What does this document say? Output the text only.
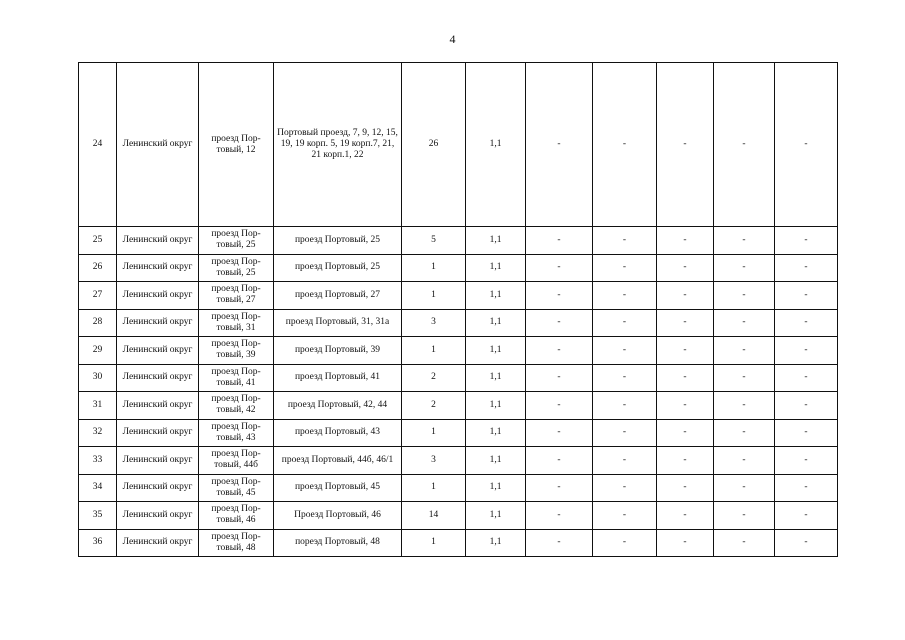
4
24	Ленинский округ	проезд Пор-товый, 12	Портовый проезд, 7, 9, 12, 15, 19, 19 корп. 5, 19 корп.7, 21, 21 корп.1, 22	26	1,1	-	-	-	-	-
25	Ленинский округ	проезд Пор-товый, 25	проезд Портовый, 25	5	1,1	-	-	-	-	-
26	Ленинский округ	проезд Пор-товый, 25	проезд Портовый, 25	1	1,1	-	-	-	-	-
27	Ленинский округ	проезд Пор-товый, 27	проезд Портовый, 27	1	1,1	-	-	-	-	-
28	Ленинский округ	проезд Пор-товый, 31	проезд Портовый, 31, 31а	3	1,1	-	-	-	-	-
29	Ленинский округ	проезд Пор-товый, 39	проезд Портовый, 39	1	1,1	-	-	-	-	-
30	Ленинский округ	проезд Пор-товый, 41	проезд Портовый, 41	2	1,1	-	-	-	-	-
31	Ленинский округ	проезд Пор-товый, 42	проезд Портовый, 42, 44	2	1,1	-	-	-	-	-
32	Ленинский округ	проезд Пор-товый, 43	проезд Портовый, 43	1	1,1	-	-	-	-	-
33	Ленинский округ	проезд Пор-товый, 44б	проезд Портовый, 44б, 46/1	3	1,1	-	-	-	-	-
34	Ленинский округ	проезд Пор-товый, 45	проезд Портовый, 45	1	1,1	-	-	-	-	-
35	Ленинский округ	проезд Пор-товый, 46	Проезд Портовый, 46	14	1,1	-	-	-	-	-
36	Ленинский округ	проезд Пор-товый, 48	пореэд Портовый, 48	1	1,1	-	-	-	-	-
